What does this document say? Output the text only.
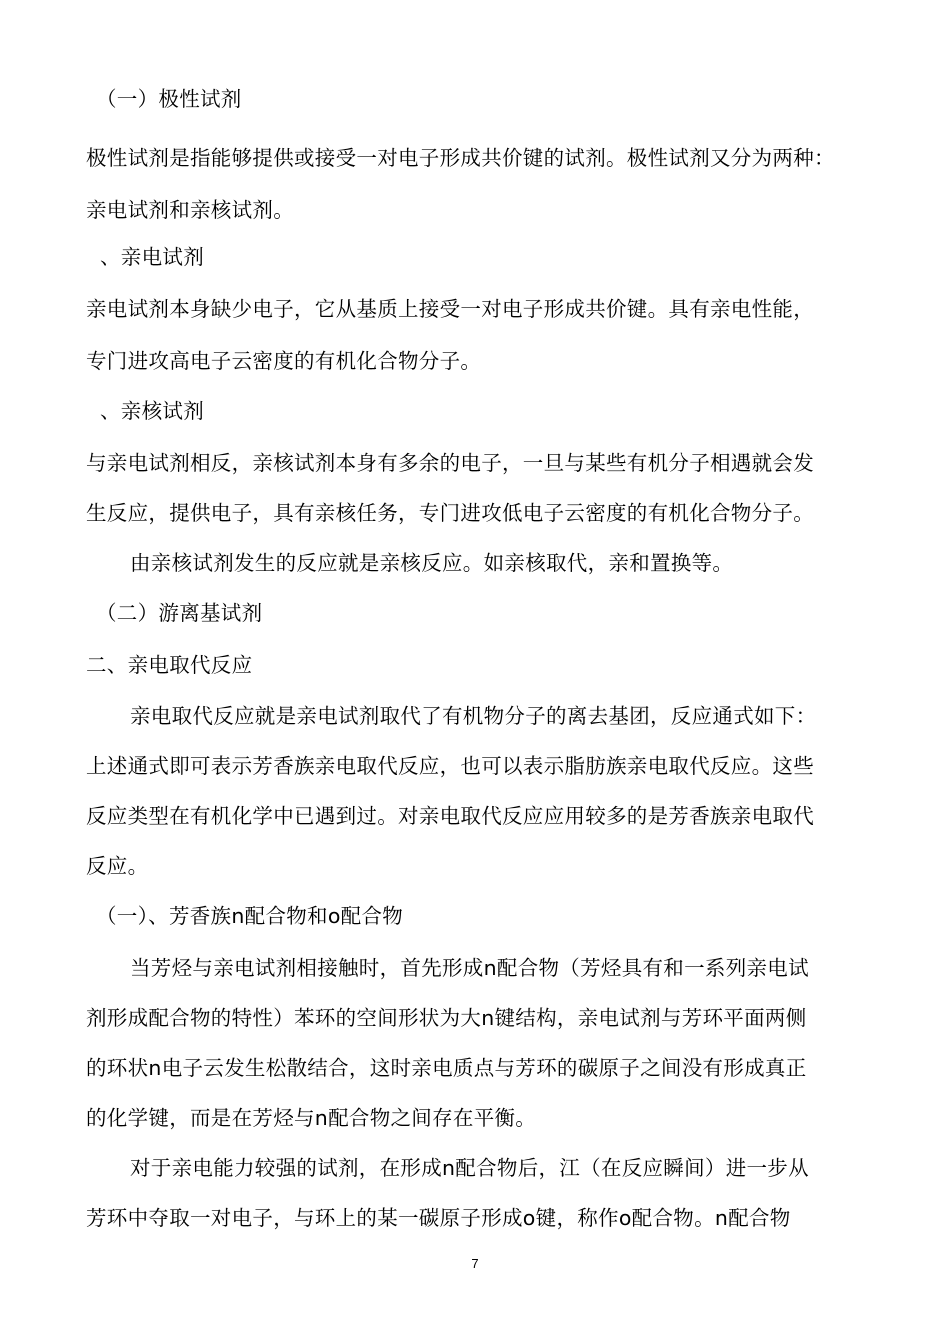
（一）极性试剂
极性试剂是指能够提供或接受一对电子形成共价键的试剂。极性试剂又分为两种：
亲电试剂和亲核试剂。
、亲电试剂
亲电试剂本身缺少电子，它从基质上接受一对电子形成共价键。具有亲电性能，
专门进攻高电子云密度的有机化合物分子。
、亲核试剂
与亲电试剂相反，亲核试剂本身有多余的电子，一旦与某些有机分子相遇就会发
生反应，提供电子，具有亲核任务，专门进攻低电子云密度的有机化合物分子。
由亲核试剂发生的反应就是亲核反应。如亲核取代，亲和置换等。
（二）游离基试剂
二、亲电取代反应
亲电取代反应就是亲电试剂取代了有机物分子的离去基团，反应通式如下：
上述通式即可表示芳香族亲电取代反应，也可以表示脂肪族亲电取代反应。这些
反应类型在有机化学中已遇到过。对亲电取代反应应用较多的是芳香族亲电取代
反应。
（一）、芳香族n配合物和o配合物
当芳烃与亲电试剂相接触时，首先形成n配合物（芳烃具有和一系列亲电试
剂形成配合物的特性）苯环的空间形状为大n键结构，亲电试剂与芳环平面两侧
的环状n电子云发生松散结合，这时亲电质点与芳环的碳原子之间没有形成真正
的化学键，而是在芳烃与n配合物之间存在平衡。
对于亲电能力较强的试剂，在形成n配合物后，江（在反应瞬间）进一步从
芳环中夺取一对电子，与环上的某一碳原子形成o键，称作o配合物。n配合物
7
